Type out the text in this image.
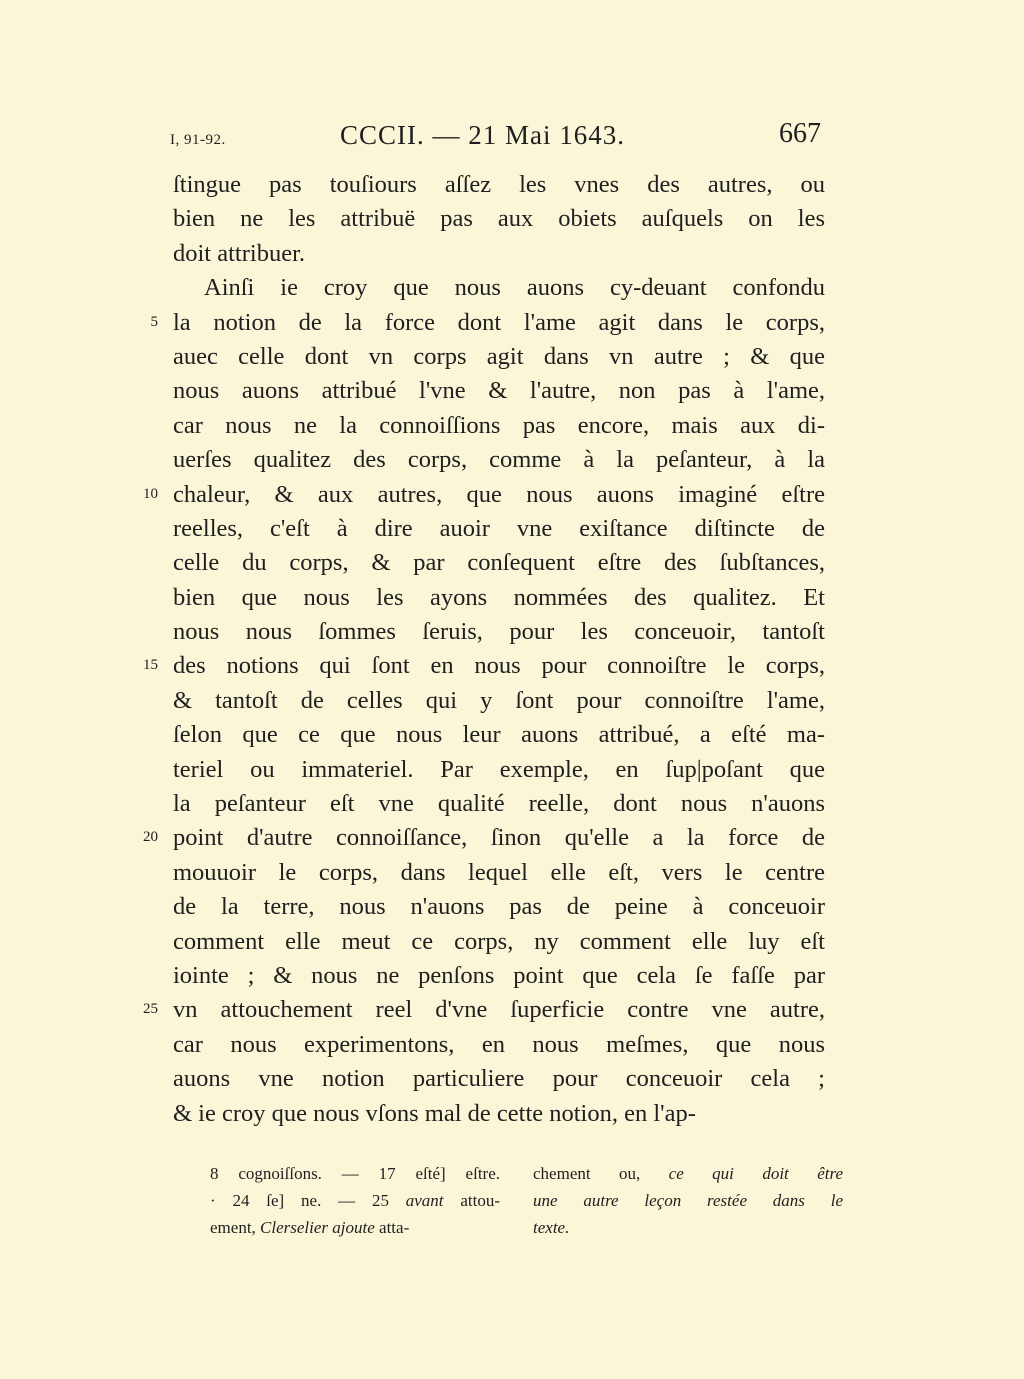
I, 91-92.	CCCII. — 21 Mai 1643.	667
ſtingue pas touſiours aſſez les vnes des autres, ou
bien ne les attribuë pas aux obiets auſquels on les
doit attribuer.
Ainſi ie croy que nous auons cy-deuant confondu
5 la notion de la force dont l'ame agit dans le corps,
auec celle dont vn corps agit dans vn autre ; & que
nous auons attribué l'vne & l'autre, non pas à l'ame,
car nous ne la connoiſſions pas encore, mais aux di-
uerſes qualitez des corps, comme à la peſanteur, à la
10 chaleur, & aux autres, que nous auons imaginé eſtre
reelles, c'eſt à dire auoir vne exiſtance diſtincte de
celle du corps, & par conſequent eſtre des ſubſtances,
bien que nous les ayons nommées des qualitez. Et
nous nous ſommes ſeruis, pour les conceuoir, tantoſt
15 des notions qui ſont en nous pour connoiſtre le corps,
& tantoſt de celles qui y ſont pour connoiſtre l'ame,
ſelon que ce que nous leur auons attribué, a eſté ma-
teriel ou immateriel. Par exemple, en ſup|poſant que
la peſanteur eſt vne qualité reelle, dont nous n'auons
20 point d'autre connoiſſance, ſinon qu'elle a la force de
mouuoir le corps, dans lequel elle eſt, vers le centre
de la terre, nous n'auons pas de peine à conceuoir
comment elle meut ce corps, ny comment elle luy eſt
iointe ; & nous ne penſons point que cela ſe faſſe par
25 vn attouchement reel d'vne ſuperficie contre vne autre,
car nous experimentons, en nous meſmes, que nous
auons vne notion particuliere pour conceuoir cela ;
& ie croy que nous vſons mal de cette notion, en l'ap-
8 cognoiſſons. — 17 eſté] eſtre.
· 24 ſe] ne. — 25 avant attou-
ement, Clerselier ajoute atta-
chement ou, ce qui doit être
une autre leçon restée dans le
texte.
